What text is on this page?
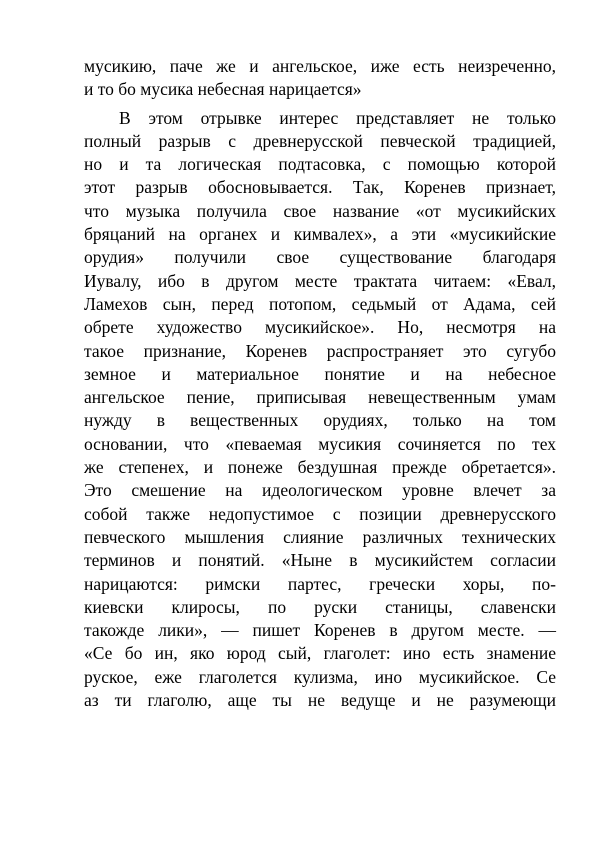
мусикию, паче же и ангельское, иже есть неизреченно,
и то бо мусика небесная нарицается»
В этом отрывке интерес представляет не только
полный разрыв с древнерусской певческой традицией,
но и та логическая подтасовка, с помощью которой
этот разрыв обосновывается. Так, Коренев признает,
что музыка получила свое название «от мусикийских
бряцаний на органех и кимвалех», а эти «мусикийские
орудия» получили свое существование благодаря
Иувалу, ибо в другом месте трактата читаем: «Евал,
Ламехов сын, перед потопом, седьмый от Адама, сей
обрете художество мусикийское». Но, несмотря на
такое признание, Коренев распространяет это сугубо
земное и материальное понятие и на небесное
ангельское пение, приписывая невещественным умам
нужду в вещественных орудиях, только на том
основании, что «певаемая мусикия сочиняется по тех
же степенех, и понеже бездушная прежде обретается».
Это смешение на идеологическом уровне влечет за
собой также недопустимое с позиции древнерусского
певческого мышления слияние различных технических
терминов и понятий. «Ныне в мусикийстем согласии
нарицаются: римски партес, гречески хоры, по-
киевски клиросы, по руски станицы, славенски
такожде лики», — пишет Коренев в другом месте. —
«Се бо ин, яко юрод сый, глаголет: ино есть знамение
руское, еже глаголется кулизма, ино мусикийское. Се
аз ти глаголю, аще ты не ведуще и не разумеющи
